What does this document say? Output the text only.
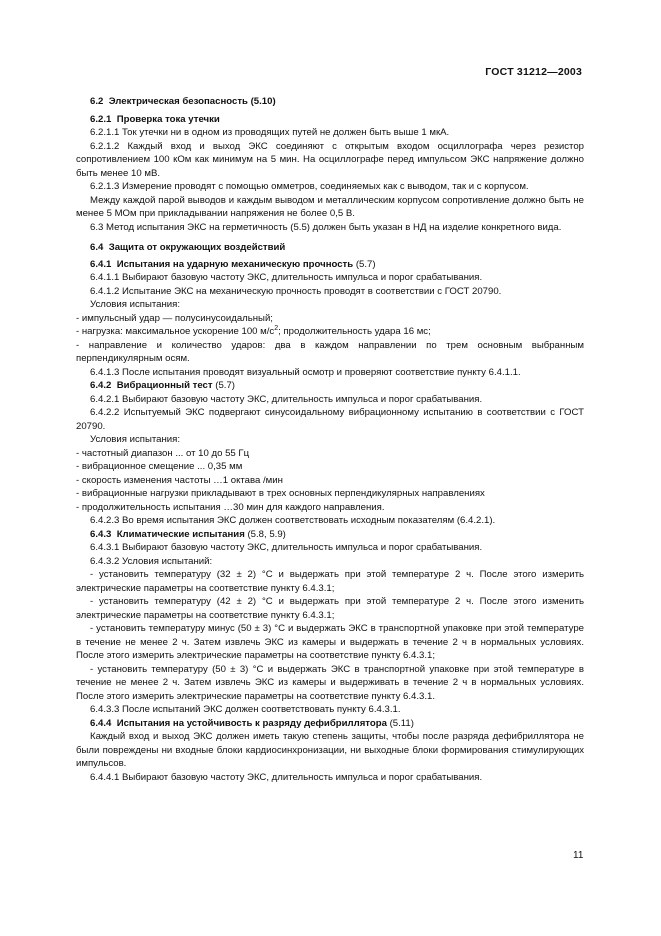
ГОСТ 31212—2003

6.2 Электрическая безопасность (5.10)

6.2.1 Проверка тока утечки

6.2.1.1 Ток утечки ни в одном из проводящих путей не должен быть выше 1 мкА.

6.2.1.2 Каждый вход и выход ЭКС соединяют с открытым входом осциллографа через резистор сопротивлением 100 кОм как минимум на 5 мин. На осциллографе перед импульсом ЭКС напряжение должно быть менее 10 мВ.

6.2.1.3 Измерение проводят с помощью омметров, соединяемых как с выводом, так и с корпусом.

Между каждой парой выводов и каждым выводом и металлическим корпусом сопротивление должно быть не менее 5 МОм при прикладывании напряжения не более 0,5 В.

6.3 Метод испытания ЭКС на герметичность (5.5) должен быть указан в НД на изделие конкретного вида.

6.4 Защита от окружающих воздействий

6.4.1 Испытания на ударную механическую прочность (5.7)

6.4.1.1 Выбирают базовую частоту ЭКС, длительность импульса и порог срабатывания.

6.4.1.2 Испытание ЭКС на механическую прочность проводят в соответствии с ГОСТ 20790.

Условия испытания:

- импульсный удар — полусинусоидальный;

- нагрузка: максимальное ускорение 100 $м/с^2$; продолжительность удара 16 мс;

- направление и количество ударов: два в каждом направлении по трем основным выбранным перпендикулярным осям.

6.4.1.3 После испытания проводят визуальный осмотр и проверяют соответствие пункту 6.4.1.1.

6.4.2 Вибрационный тест (5.7)

6.4.2.1 Выбирают базовую частоту ЭКС, длительность импульса и порог срабатывания.

6.4.2.2 Испытуемый ЭКС подвергают синусоидальному вибрационному испытанию в соответствии с ГОСТ 20790.

Условия испытания:

- частотный диапазон ... от 10 до 55 Гц

- вибрационное смещение ... 0,35 мм

- скорость изменения частоты …1 октава /мин

- вибрационные нагрузки прикладывают в трех основных перпендикулярных направлениях

- продолжительность испытания …30 мин для каждого направления.

6.4.2.3 Во время испытания ЭКС должен соответствовать исходным показателям (6.4.2.1).

6.4.3 Климатические испытания (5.8, 5.9)

6.4.3.1 Выбирают базовую частоту ЭКС, длительность импульса и порог срабатывания.

6.4.3.2 Условия испытаний:

- установить температуру (32 ± 2) °С и выдержать при этой температуре 2 ч. После этого измерить электрические параметры на соответствие пункту 6.4.3.1;

- установить температуру (42 ± 2) °С и выдержать при этой температуре 2 ч. После этого изменить электрические параметры на соответствие пункту 6.4.3.1;

- установить температуру минус (50 ± 3) °С и выдержать ЭКС в транспортной упаковке при этой температуре в течение не менее 2 ч. Затем извлечь ЭКС из камеры и выдержать в течение 2 ч в нормальных условиях. После этого измерить электрические параметры на соответствие пункту 6.4.3.1;

- установить температуру (50 ± 3) °С и выдержать ЭКС в транспортной упаковке при этой температуре в течение не менее 2 ч. Затем извлечь ЭКС из камеры и выдерживать в течение 2 ч в нормальных условиях. После этого измерить электрические параметры на соответствие пункту 6.4.3.1.

6.4.3.3 После испытаний ЭКС должен соответствовать пункту 6.4.3.1.

6.4.4 Испытания на устойчивость к разряду дефибриллятора (5.11)

Каждый вход и выход ЭКС должен иметь такую степень защиты, чтобы после разряда дефибриллятора не были повреждены ни входные блоки кардиосинхронизации, ни выходные блоки формирования стимулирующих импульсов.

6.4.4.1 Выбирают базовую частоту ЭКС, длительность импульса и порог срабатывания.

11
